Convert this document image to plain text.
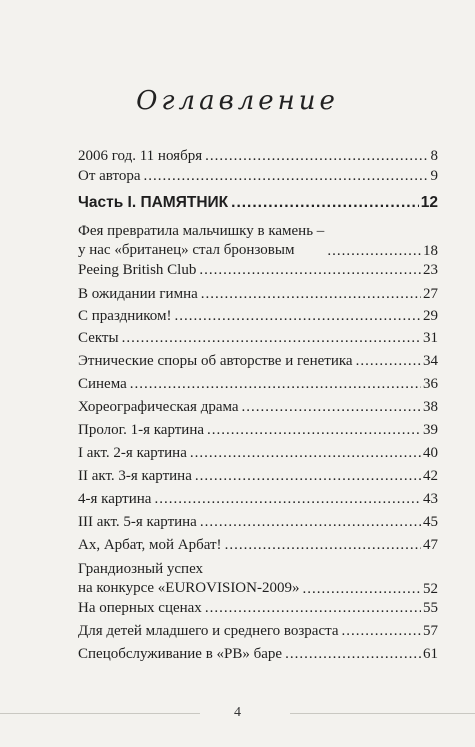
Оглавление
2006 год. 11 ноября .....	8
От автора .....	9
Часть I. ПАМЯТНИК .....	12
Фея превратила мальчишку в камень –
у нас «британец» стал бронзовым .....	18
Peeing British Club .....	23
В ожидании гимна .....	27
С праздником! .....	29
Секты .....	31
Этнические споры об авторстве и генетика .....	34
Синема .....	36
Хореографическая драма .....	38
Пролог. 1-я картина .....	39
I акт. 2-я картина .....	40
II акт. 3-я картина .....	42
4-я картина .....	43
III акт. 5-я картина .....	45
Ах, Арбат, мой Арбат! .....	47
Грандиозный успех
на конкурсе «EUROVISION-2009» .....	52
На оперных сценах .....	55
Для детей младшего и среднего возраста .....	57
Спецобслуживание в «РВ» баре .....	61
4
